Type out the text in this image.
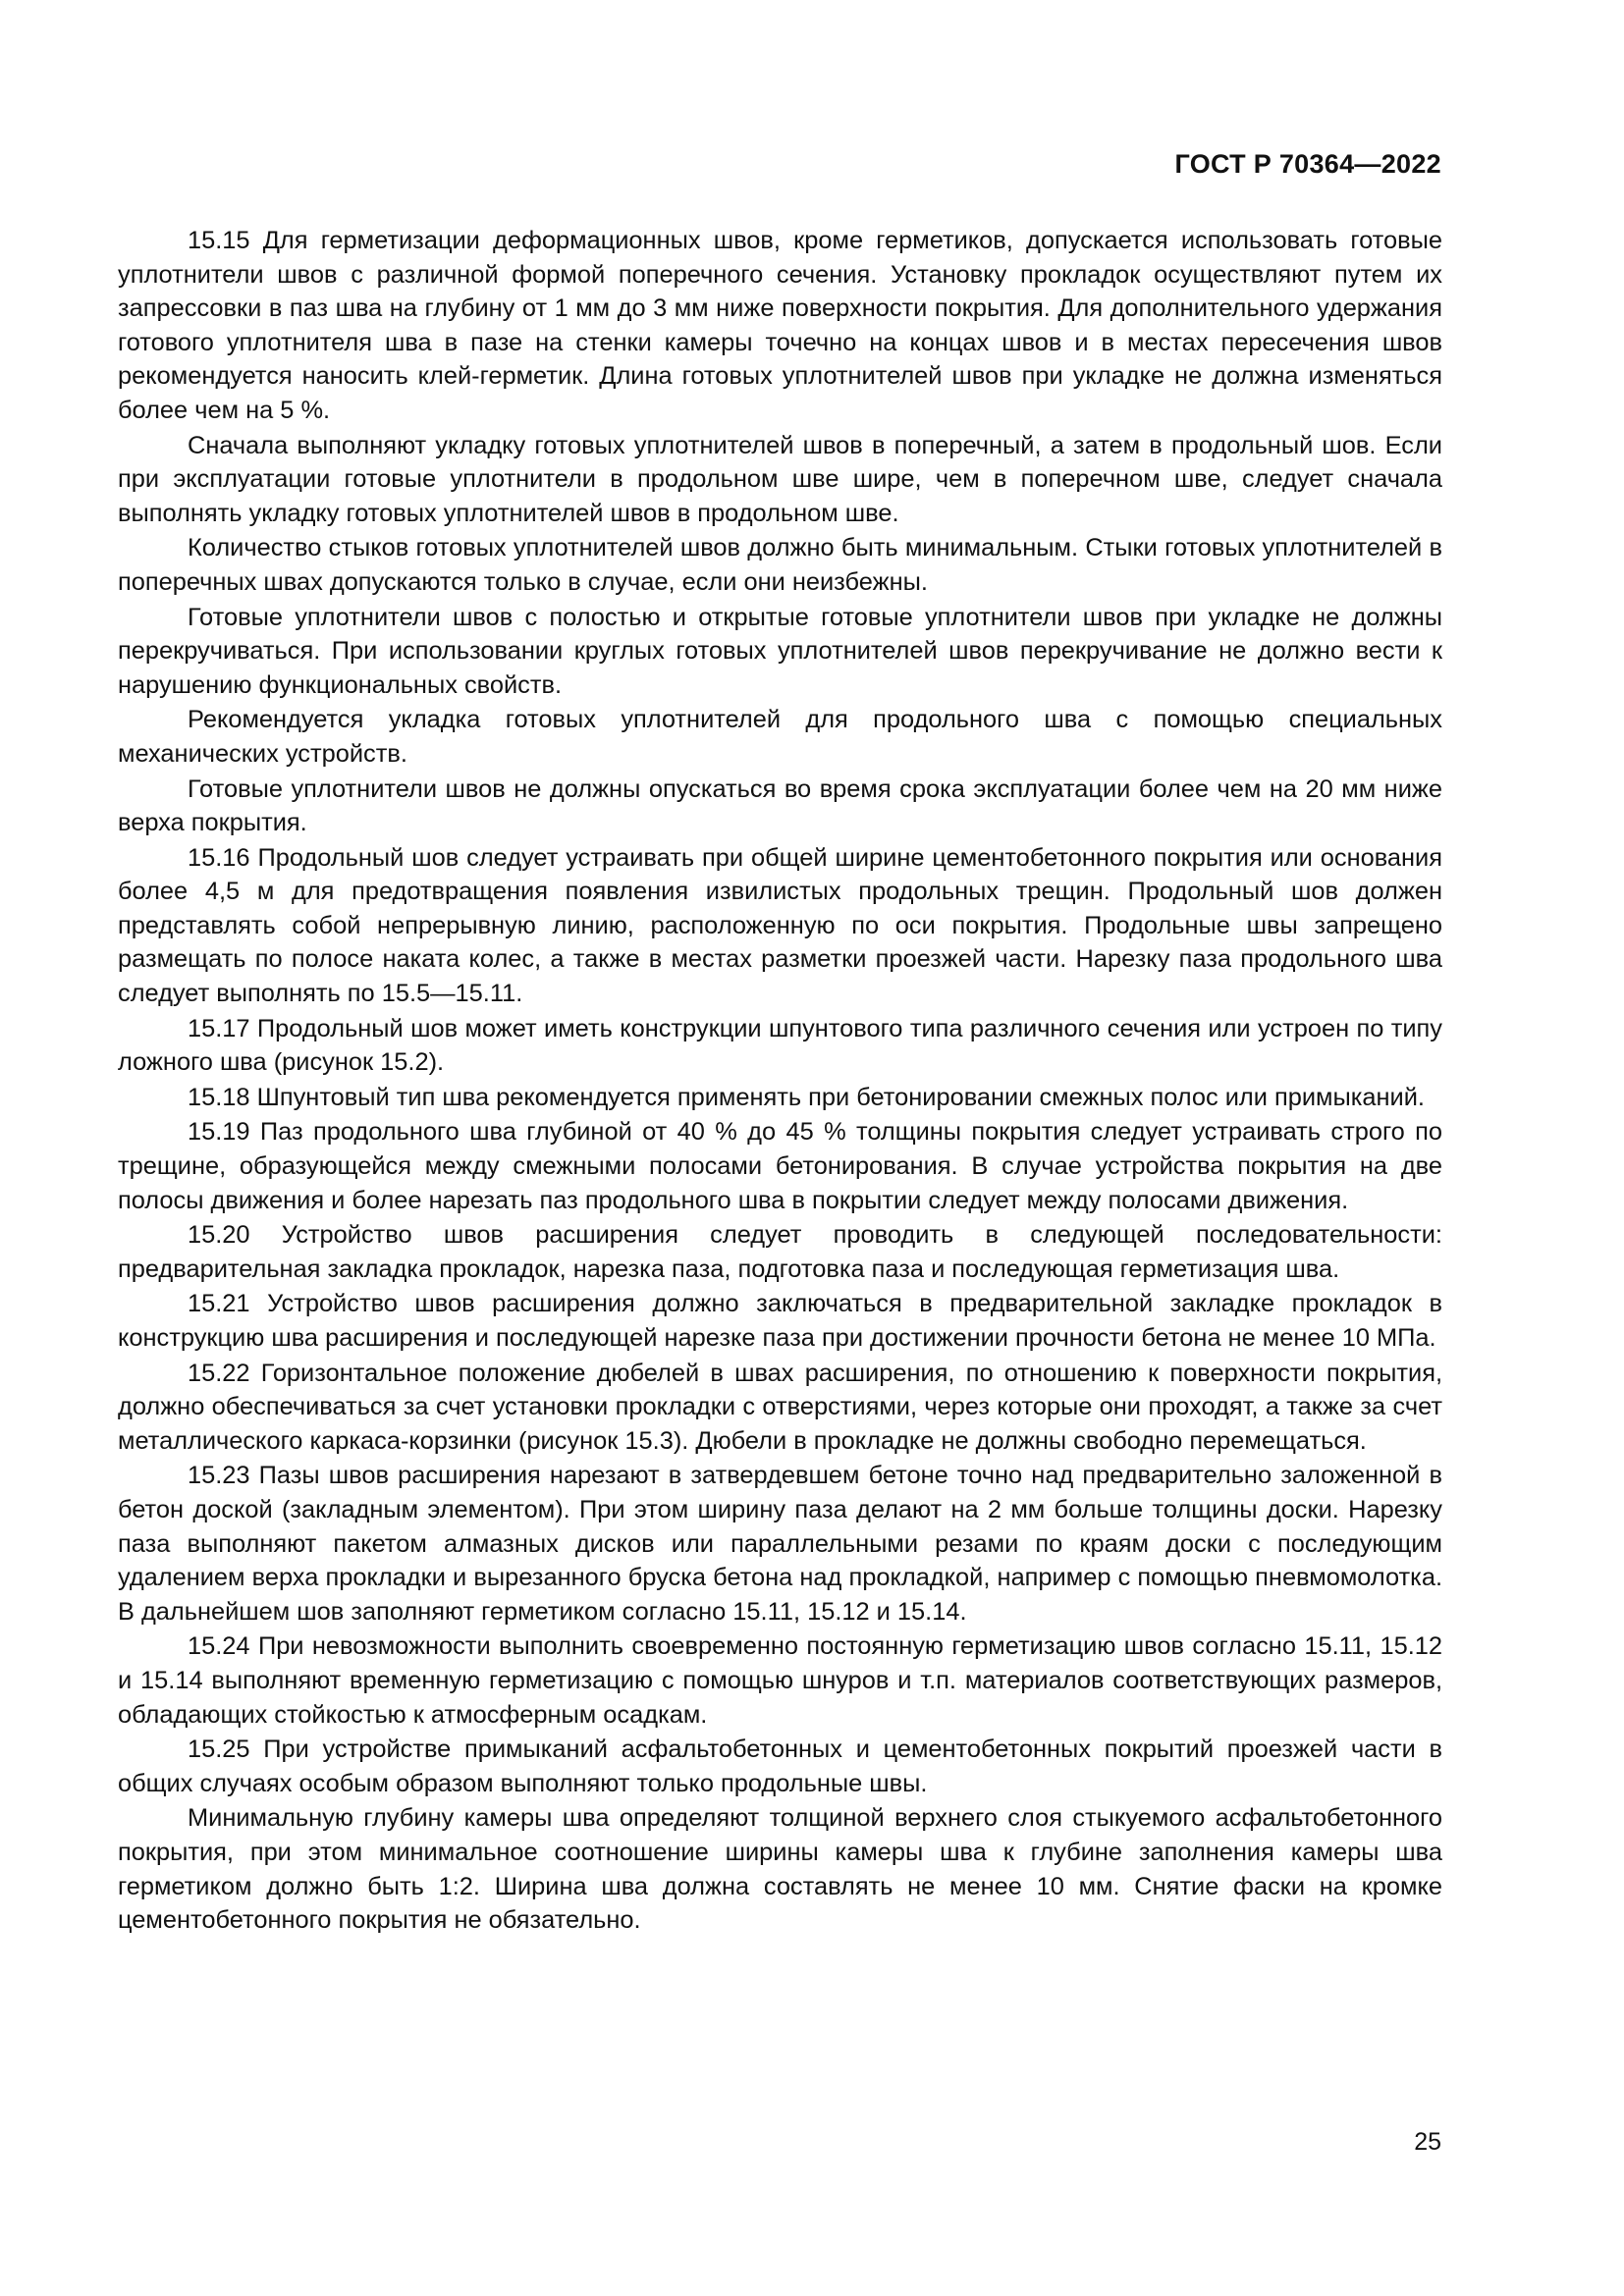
ГОСТ Р 70364—2022

15.15 Для герметизации деформационных швов, кроме герметиков, допускается использовать готовые уплотнители швов с различной формой поперечного сечения. Установку прокладок осуществляют путем их запрессовки в паз шва на глубину от 1 мм до 3 мм ниже поверхности покрытия. Для дополнительного удержания готового уплотнителя шва в пазе на стенки камеры точечно на концах швов и в местах пересечения швов рекомендуется наносить клей-герметик. Длина готовых уплотнителей швов при укладке не должна изменяться более чем на 5 %.

Сначала выполняют укладку готовых уплотнителей швов в поперечный, а затем в продольный шов. Если при эксплуатации готовые уплотнители в продольном шве шире, чем в поперечном шве, следует сначала выполнять укладку готовых уплотнителей швов в продольном шве.

Количество стыков готовых уплотнителей швов должно быть минимальным. Стыки готовых уплотнителей в поперечных швах допускаются только в случае, если они неизбежны.

Готовые уплотнители швов с полостью и открытые готовые уплотнители швов при укладке не должны перекручиваться. При использовании круглых готовых уплотнителей швов перекручивание не должно вести к нарушению функциональных свойств.

Рекомендуется укладка готовых уплотнителей для продольного шва с помощью специальных механических устройств.

Готовые уплотнители швов не должны опускаться во время срока эксплуатации более чем на 20 мм ниже верха покрытия.

15.16 Продольный шов следует устраивать при общей ширине цементобетонного покрытия или основания более 4,5 м для предотвращения появления извилистых продольных трещин. Продольный шов должен представлять собой непрерывную линию, расположенную по оси покрытия. Продольные швы запрещено размещать по полосе наката колес, а также в местах разметки проезжей части. Нарезку паза продольного шва следует выполнять по 15.5—15.11.

15.17 Продольный шов может иметь конструкции шпунтового типа различного сечения или устроен по типу ложного шва (рисунок 15.2).

15.18 Шпунтовый тип шва рекомендуется применять при бетонировании смежных полос или примыканий.

15.19 Паз продольного шва глубиной от 40 % до 45 % толщины покрытия следует устраивать строго по трещине, образующейся между смежными полосами бетонирования. В случае устройства покрытия на две полосы движения и более нарезать паз продольного шва в покрытии следует между полосами движения.

15.20 Устройство швов расширения следует проводить в следующей последовательности: предварительная закладка прокладок, нарезка паза, подготовка паза и последующая герметизация шва.

15.21 Устройство швов расширения должно заключаться в предварительной закладке прокладок в конструкцию шва расширения и последующей нарезке паза при достижении прочности бетона не менее 10 МПа.

15.22 Горизонтальное положение дюбелей в швах расширения, по отношению к поверхности покрытия, должно обеспечиваться за счет установки прокладки с отверстиями, через которые они проходят, а также за счет металлического каркаса-корзинки (рисунок 15.3). Дюбели в прокладке не должны свободно перемещаться.

15.23 Пазы швов расширения нарезают в затвердевшем бетоне точно над предварительно заложенной в бетон доской (закладным элементом). При этом ширину паза делают на 2 мм больше толщины доски. Нарезку паза выполняют пакетом алмазных дисков или параллельными резами по краям доски с последующим удалением верха прокладки и вырезанного бруска бетона над прокладкой, например с помощью пневмомолотка. В дальнейшем шов заполняют герметиком согласно 15.11, 15.12 и 15.14.

15.24 При невозможности выполнить своевременно постоянную герметизацию швов согласно 15.11, 15.12 и 15.14 выполняют временную герметизацию с помощью шнуров и т.п. материалов соответствующих размеров, обладающих стойкостью к атмосферным осадкам.

15.25 При устройстве примыканий асфальтобетонных и цементобетонных покрытий проезжей части в общих случаях особым образом выполняют только продольные швы.

Минимальную глубину камеры шва определяют толщиной верхнего слоя стыкуемого асфальтобетонного покрытия, при этом минимальное соотношение ширины камеры шва к глубине заполнения камеры шва герметиком должно быть 1:2. Ширина шва должна составлять не менее 10 мм. Снятие фаски на кромке цементобетонного покрытия не обязательно.

25
